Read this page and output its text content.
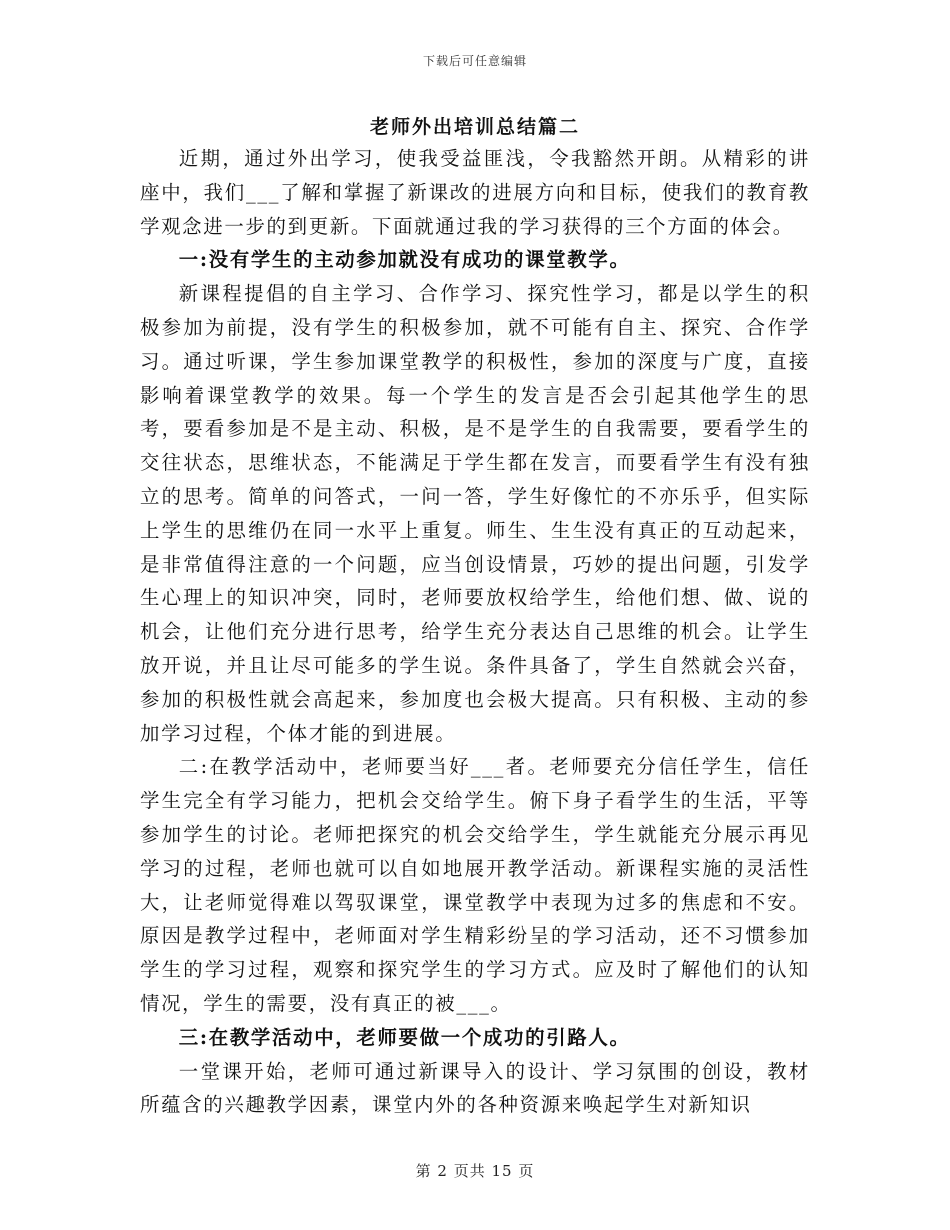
下载后可任意编辑
老师外出培训总结篇二

近期，通过外出学习，使我受益匪浅，令我豁然开朗。从精彩的讲座中，我们___了解和掌握了新课改的进展方向和目标，使我们的教育教学观念进一步的到更新。下面就通过我的学习获得的三个方面的体会。

一:没有学生的主动参加就没有成功的课堂教学。

新课程提倡的自主学习、合作学习、探究性学习，都是以学生的积极参加为前提，没有学生的积极参加，就不可能有自主、探究、合作学习。通过听课，学生参加课堂教学的积极性，参加的深度与广度，直接影响着课堂教学的效果。每一个学生的发言是否会引起其他学生的思考，要看参加是不是主动、积极，是不是学生的自我需要，要看学生的交往状态，思维状态，不能满足于学生都在发言，而要看学生有没有独立的思考。简单的问答式，一问一答，学生好像忙的不亦乐乎，但实际上学生的思维仍在同一水平上重复。师生、生生没有真正的互动起来，是非常值得注意的一个问题，应当创设情景，巧妙的提出问题，引发学生心理上的知识冲突，同时，老师要放权给学生，给他们想、做、说的机会，让他们充分进行思考，给学生充分表达自己思维的机会。让学生放开说，并且让尽可能多的学生说。条件具备了，学生自然就会兴奋，参加的积极性就会高起来，参加度也会极大提高。只有积极、主动的参加学习过程，个体才能的到进展。

二:在教学活动中，老师要当好___者。老师要充分信任学生，信任学生完全有学习能力，把机会交给学生。俯下身子看学生的生活，平等参加学生的讨论。老师把探究的机会交给学生，学生就能充分展示再见学习的过程，老师也就可以自如地展开教学活动。新课程实施的灵活性大，让老师觉得难以驾驭课堂，课堂教学中表现为过多的焦虑和不安。原因是教学过程中，老师面对学生精彩纷呈的学习活动，还不习惯参加学生的学习过程，观察和探究学生的学习方式。应及时了解他们的认知情况，学生的需要，没有真正的被___。

三:在教学活动中，老师要做一个成功的引路人。

一堂课开始，老师可通过新课导入的设计、学习氛围的创设，教材所蕴含的兴趣教学因素，课堂内外的各种资源来唤起学生对新知识

第 2 页共 15 页
